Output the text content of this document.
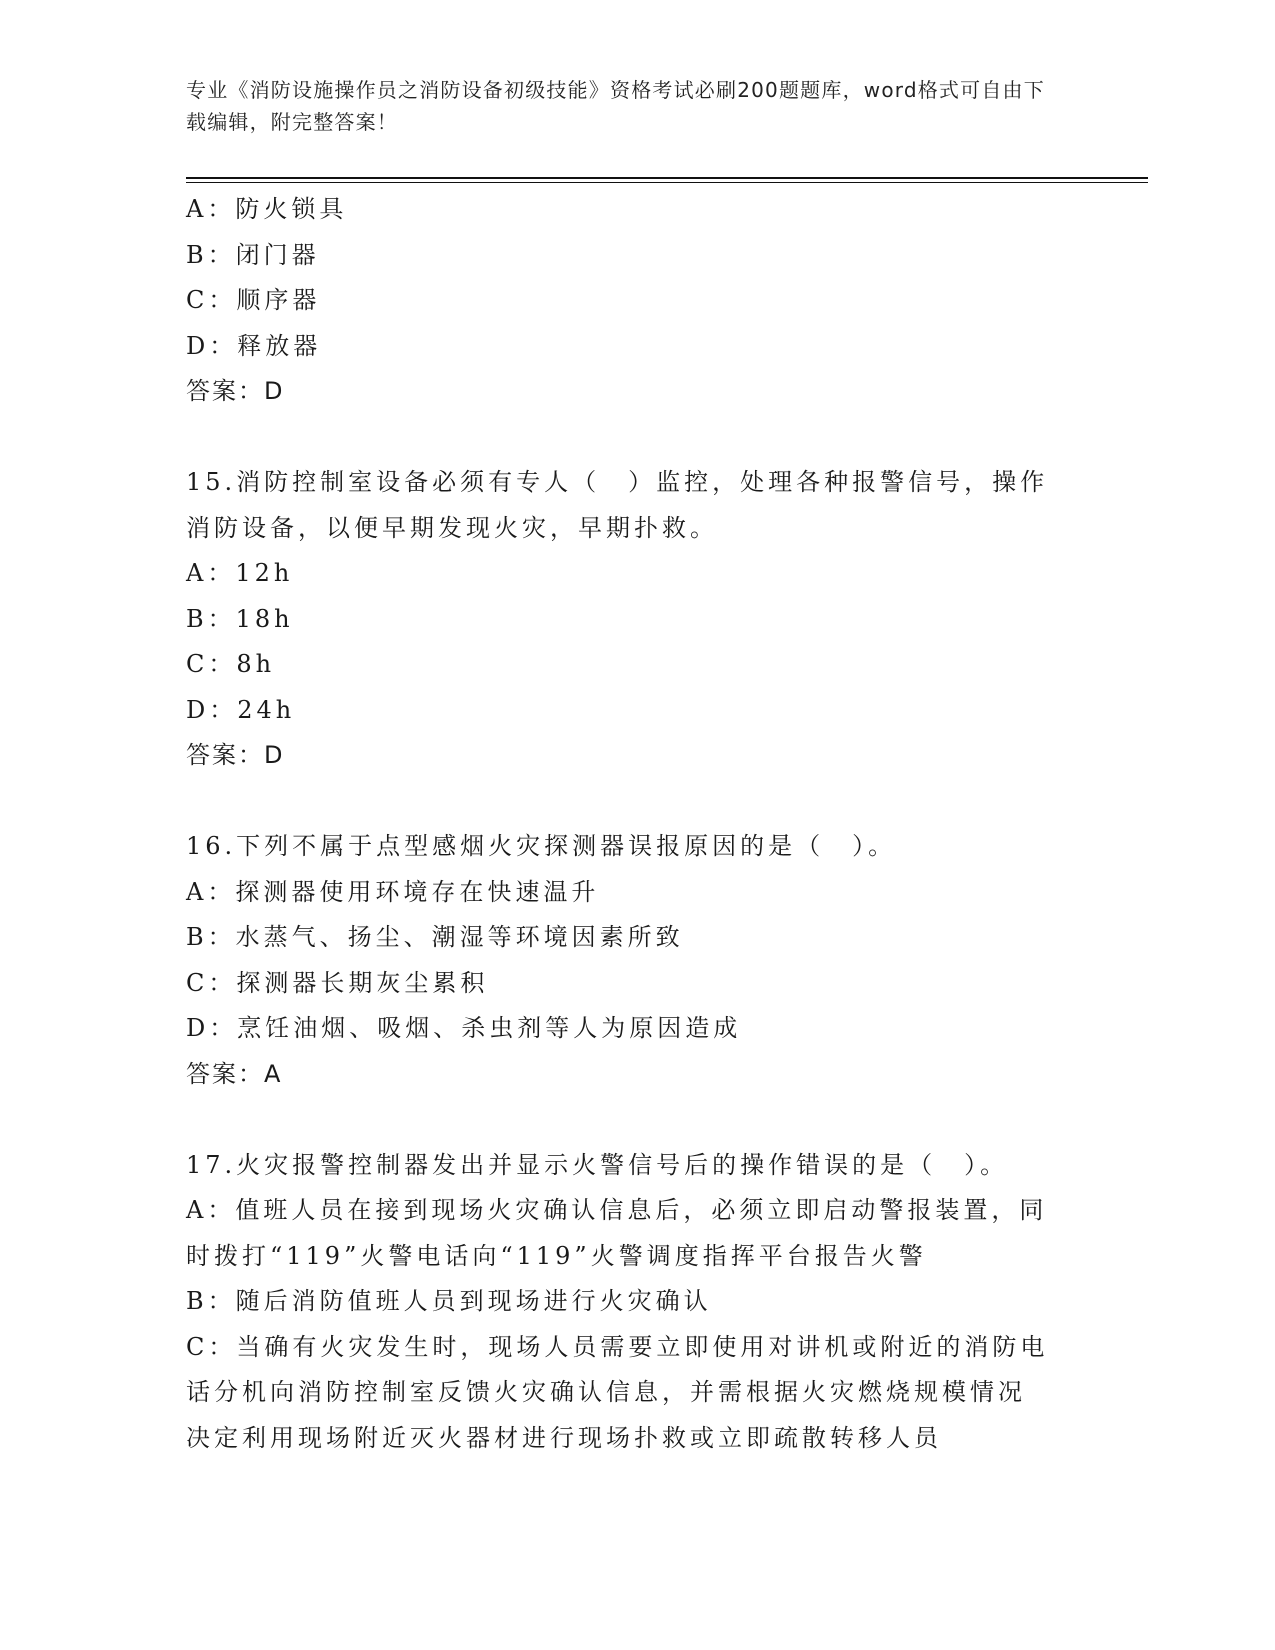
专业《消防设施操作员之消防设备初级技能》资格考试必刷200题题库，word格式可自由下载编辑，附完整答案！
A：防火锁具
B：闭门器
C：顺序器
D：释放器
答案：D
15.消防控制室设备必须有专人（　）监控，处理各种报警信号，操作
消防设备，以便早期发现火灾，早期扑救。
A：12h
B：18h
C：8h
D：24h
答案：D
16.下列不属于点型感烟火灾探测器误报原因的是（　）。
A：探测器使用环境存在快速温升
B：水蒸气、扬尘、潮湿等环境因素所致
C：探测器长期灰尘累积
D：烹饪油烟、吸烟、杀虫剂等人为原因造成
答案：A
17.火灾报警控制器发出并显示火警信号后的操作错误的是（　）。
A：值班人员在接到现场火灾确认信息后，必须立即启动警报装置，同
时拨打“119”火警电话向“119”火警调度指挥平台报告火警
B：随后消防值班人员到现场进行火灾确认
C：当确有火灾发生时，现场人员需要立即使用对讲机或附近的消防电
话分机向消防控制室反馈火灾确认信息，并需根据火灾燃烧规模情况
决定利用现场附近灭火器材进行现场扑救或立即疏散转移人员
